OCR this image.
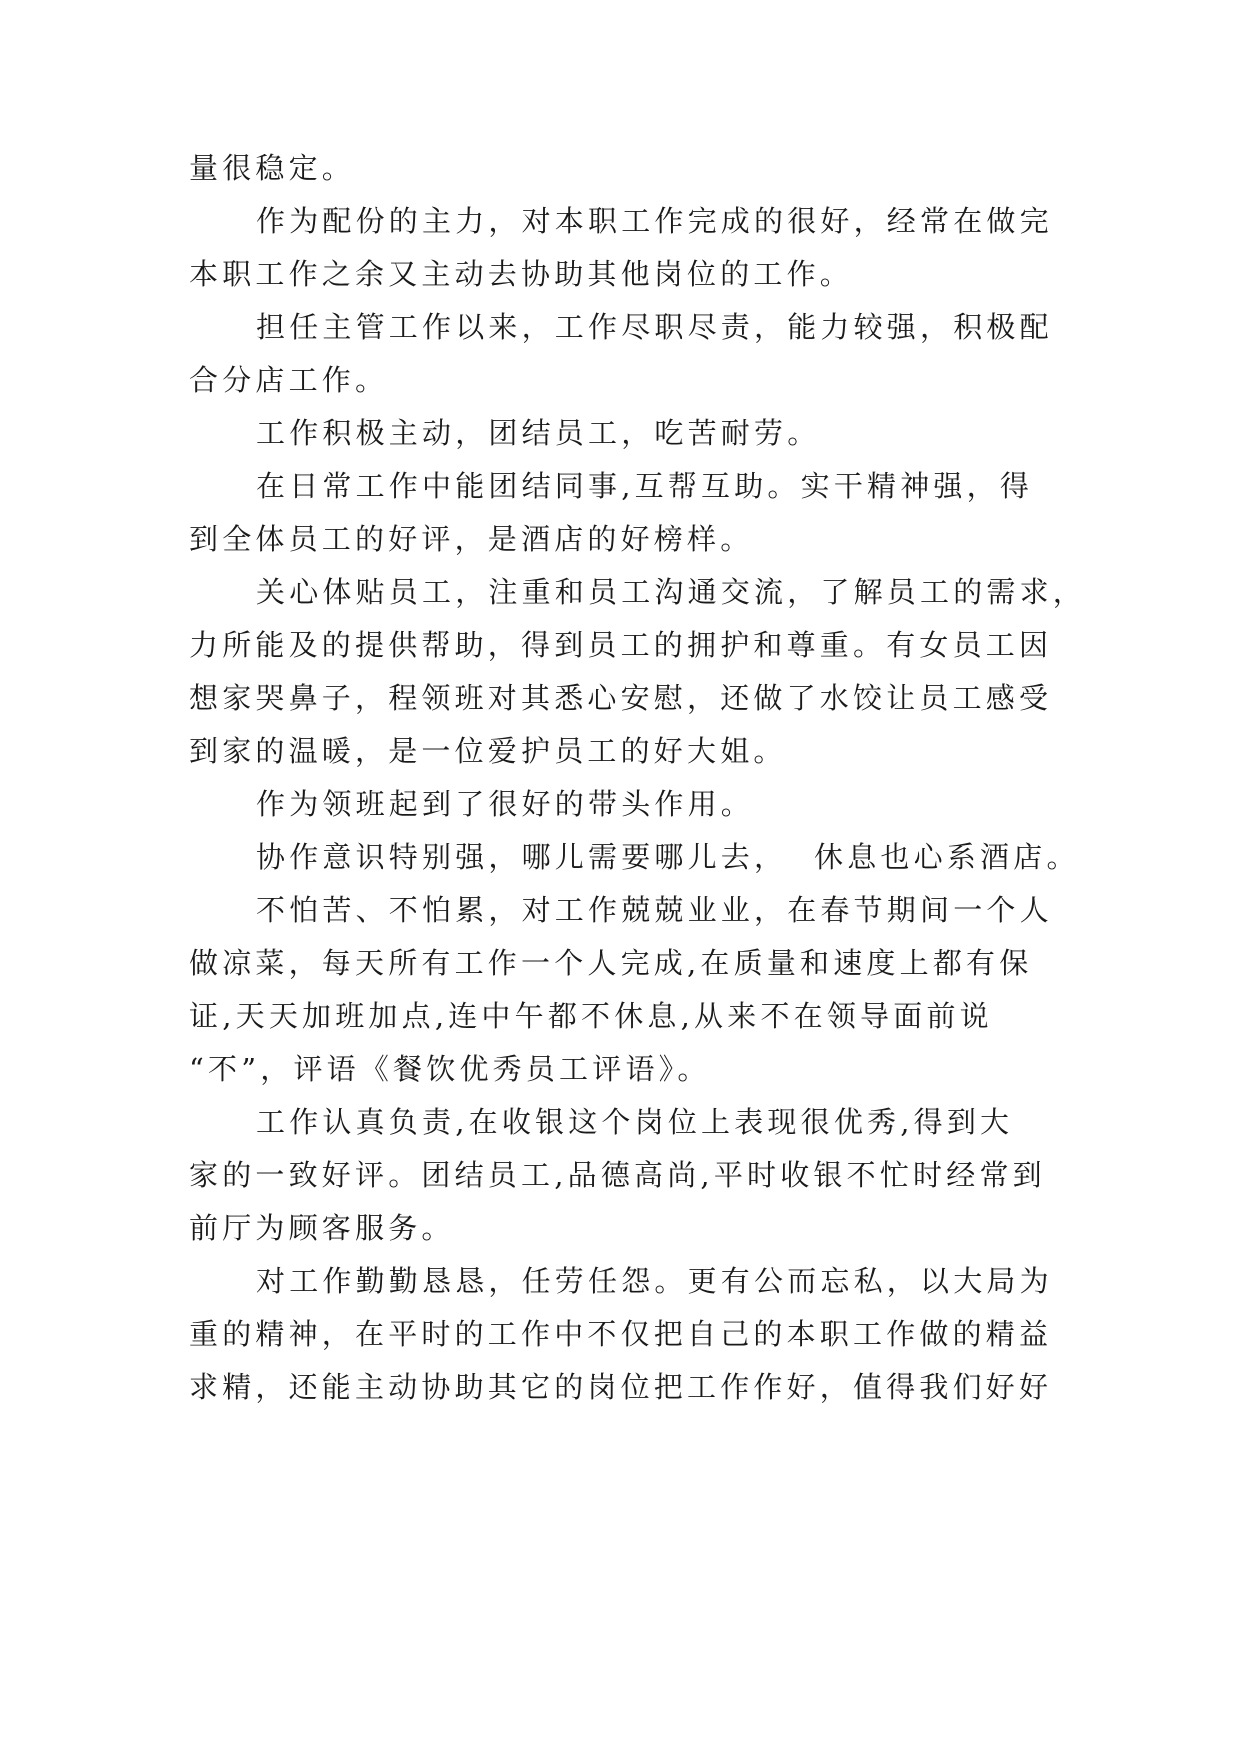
量很稳定。
作为配份的主力，对本职工作完成的很好，经常在做完
本职工作之余又主动去协助其他岗位的工作。
担任主管工作以来，工作尽职尽责，能力较强，积极配
合分店工作。
工作积极主动，团结员工，吃苦耐劳。
在日常工作中能团结同事,互帮互助。实干精神强，得
到全体员工的好评，是酒店的好榜样。
关心体贴员工，注重和员工沟通交流，了解员工的需求，
力所能及的提供帮助，得到员工的拥护和尊重。有女员工因
想家哭鼻子，程领班对其悉心安慰，还做了水饺让员工感受
到家的温暖，是一位爱护员工的好大姐。
作为领班起到了很好的带头作用。
协作意识特别强，哪儿需要哪儿去，  休息也心系酒店。
不怕苦、不怕累，对工作兢兢业业，在春节期间一个人
做凉菜，每天所有工作一个人完成,在质量和速度上都有保
证,天天加班加点,连中午都不休息,从来不在领导面前说
“不”，评语《餐饮优秀员工评语》。
工作认真负责,在收银这个岗位上表现很优秀,得到大
家的一致好评。团结员工,品德高尚,平时收银不忙时经常到
前厅为顾客服务。
对工作勤勤恳恳，任劳任怨。更有公而忘私，以大局为
重的精神，在平时的工作中不仅把自己的本职工作做的精益
求精，还能主动协助其它的岗位把工作作好，值得我们好好
